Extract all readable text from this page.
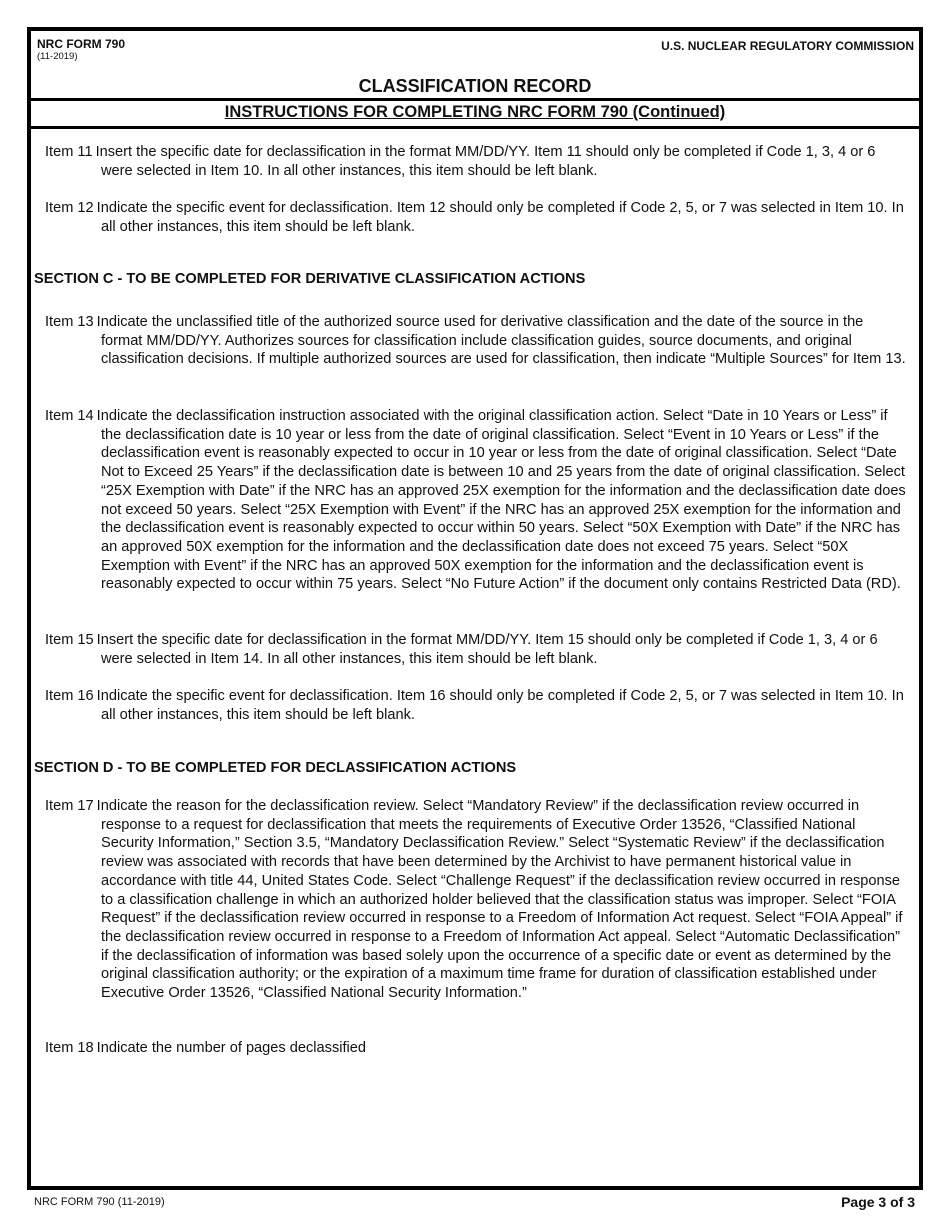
NRC FORM 790
(11-2019)
U.S. NUCLEAR REGULATORY COMMISSION
CLASSIFICATION RECORD
INSTRUCTIONS FOR COMPLETING NRC FORM 790 (Continued)
Item 11 Insert the specific date for declassification in the format MM/DD/YY. Item 11 should only be completed if Code 1, 3, 4 or 6 were selected in Item 10. In all other instances, this item should be left blank.
Item 12 Indicate the specific event for declassification. Item 12 should only be completed if Code 2, 5, or 7 was selected in Item 10. In all other instances, this item should be left blank.
SECTION C - TO BE COMPLETED FOR DERIVATIVE CLASSIFICATION ACTIONS
Item 13 Indicate the unclassified title of the authorized source used for derivative classification and the date of the source in the format MM/DD/YY. Authorizes sources for classification include classification guides, source documents, and original classification decisions. If multiple authorized sources are used for classification, then indicate “Multiple Sources” for Item 13.
Item 14 Indicate the declassification instruction associated with the original classification action. Select “Date in 10 Years or Less” if the declassification date is 10 year or less from the date of original classification. Select “Event in 10 Years or Less” if the declassification event is reasonably expected to occur in 10 year or less from the date of original classification. Select “Date Not to Exceed 25 Years” if the declassification date is between 10 and 25 years from the date of original classification. Select “25X Exemption with Date” if the NRC has an approved 25X exemption for the information and the declassification date does not exceed 50 years. Select “25X Exemption with Event” if the NRC has an approved 25X exemption for the information and the declassification event is reasonably expected to occur within 50 years. Select “50X Exemption with Date” if the NRC has an approved 50X exemption for the information and the declassification date does not exceed 75 years. Select “50X Exemption with Event” if the NRC has an approved 50X exemption for the information and the declassification event is reasonably expected to occur within 75 years. Select “No Future Action” if the document only contains Restricted Data (RD).
Item 15 Insert the specific date for declassification in the format MM/DD/YY. Item 15 should only be completed if Code 1, 3, 4 or 6 were selected in Item 14. In all other instances, this item should be left blank.
Item 16 Indicate the specific event for declassification. Item 16 should only be completed if Code 2, 5, or 7 was selected in Item 10. In all other instances, this item should be left blank.
SECTION D - TO BE COMPLETED FOR DECLASSIFICATION ACTIONS
Item 17 Indicate the reason for the declassification review. Select “Mandatory Review” if the declassification review occurred in response to a request for declassification that meets the requirements of Executive Order 13526, “Classified National Security Information,” Section 3.5, “Mandatory Declassification Review.” Select “Systematic Review” if the declassification review was associated with records that have been determined by the Archivist to have permanent historical value in accordance with title 44, United States Code. Select “Challenge Request” if the declassification review occurred in response to a classification challenge in which an authorized holder believed that the classification status was improper. Select “FOIA Request” if the declassification review occurred in response to a Freedom of Information Act request. Select “FOIA Appeal” if the declassification review occurred in response to a Freedom of Information Act appeal. Select “Automatic Declassification” if the declassification of information was based solely upon the occurrence of a specific date or event as determined by the original classification authority; or the expiration of a maximum time frame for duration of classification established under Executive Order 13526, “Classified National Security Information.”
Item 18 Indicate the number of pages declassified
NRC FORM 790 (11-2019)	Page 3 of 3
